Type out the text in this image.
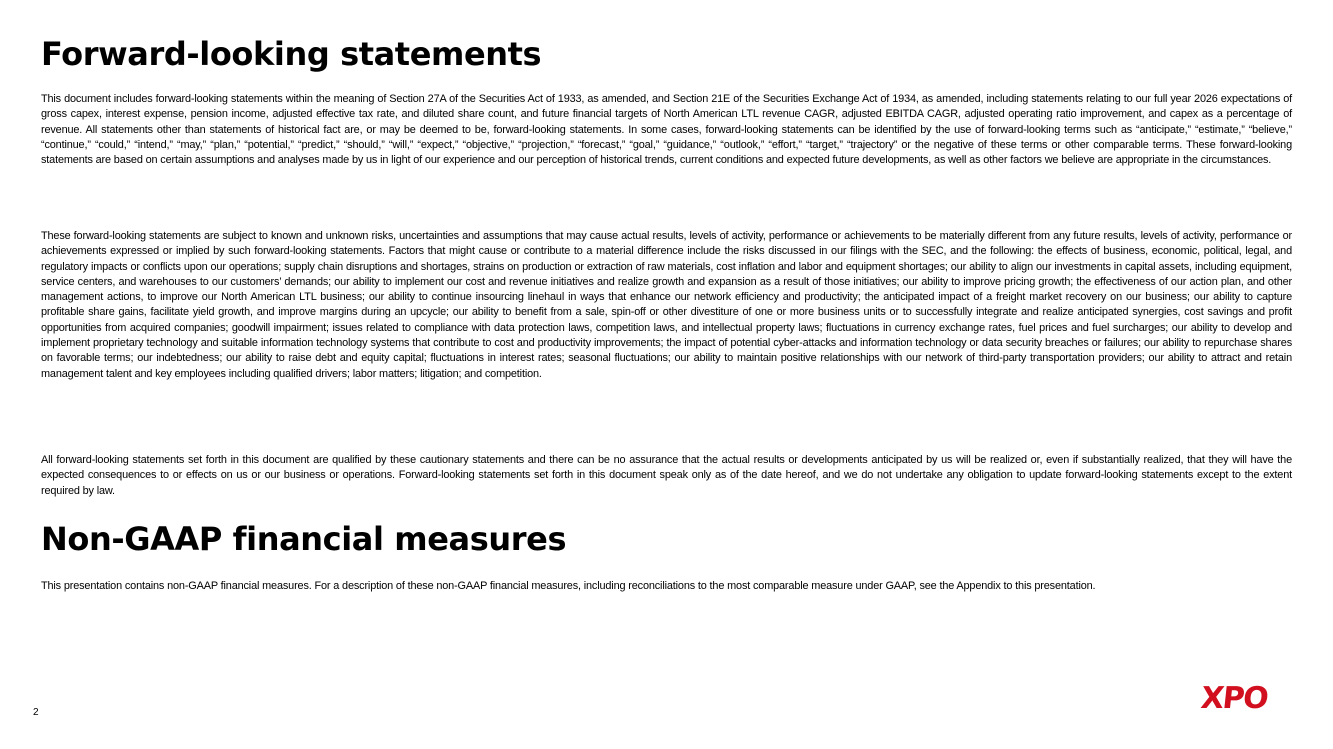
Forward-looking statements

This document includes forward-looking statements within the meaning of Section 27A of the Securities Act of 1933, as amended, and Section 21E of the Securities Exchange Act of 1934, as amended, including statements relating to our full year 2026 expectations of gross capex, interest expense, pension income, adjusted effective tax rate, and diluted share count, and future financial targets of North American LTL revenue CAGR, adjusted EBITDA CAGR, adjusted operating ratio improvement, and capex as a percentage of revenue. All statements other than statements of historical fact are, or may be deemed to be, forward-looking statements. In some cases, forward-looking statements can be identified by the use of forward-looking terms such as “anticipate,” “estimate,” “believe,” “continue,” “could,” “intend,” “may,” “plan,” “potential,” “predict,” “should,” “will,” “expect,” “objective,” “projection,” “forecast,” “goal,” “guidance,” “outlook,” “effort,” “target,” “trajectory” or the negative of these terms or other comparable terms. These forward-looking statements are based on certain assumptions and analyses made by us in light of our experience and our perception of historical trends, current conditions and expected future developments, as well as other factors we believe are appropriate in the circumstances.

These forward-looking statements are subject to known and unknown risks, uncertainties and assumptions that may cause actual results, levels of activity, performance or achievements to be materially different from any future results, levels of activity, performance or achievements expressed or implied by such forward-looking statements. Factors that might cause or contribute to a material difference include the risks discussed in our filings with the SEC, and the following: the effects of business, economic, political, legal, and regulatory impacts or conflicts upon our operations; supply chain disruptions and shortages, strains on production or extraction of raw materials, cost inflation and labor and equipment shortages; our ability to align our investments in capital assets, including equipment, service centers, and warehouses to our customers’ demands; our ability to implement our cost and revenue initiatives and realize growth and expansion as a result of those initiatives; our ability to improve pricing growth; the effectiveness of our action plan, and other management actions, to improve our North American LTL business; our ability to continue insourcing linehaul in ways that enhance our network efficiency and productivity; the anticipated impact of a freight market recovery on our business; our ability to capture profitable share gains, facilitate yield growth, and improve margins during an upcycle; our ability to benefit from a sale, spin-off or other divestiture of one or more business units or to successfully integrate and realize anticipated synergies, cost savings and profit opportunities from acquired companies; goodwill impairment; issues related to compliance with data protection laws, competition laws, and intellectual property laws; fluctuations in currency exchange rates, fuel prices and fuel surcharges; our ability to develop and implement proprietary technology and suitable information technology systems that contribute to cost and productivity improvements; the impact of potential cyber-attacks and information technology or data security breaches or failures; our ability to repurchase shares on favorable terms; our indebtedness; our ability to raise debt and equity capital; fluctuations in interest rates; seasonal fluctuations; our ability to maintain positive relationships with our network of third-party transportation providers; our ability to attract and retain management talent and key employees including qualified drivers; labor matters; litigation; and competition.

All forward-looking statements set forth in this document are qualified by these cautionary statements and there can be no assurance that the actual results or developments anticipated by us will be realized or, even if substantially realized, that they will have the expected consequences to or effects on us or our business or operations. Forward-looking statements set forth in this document speak only as of the date hereof, and we do not undertake any obligation to update forward-looking statements except to the extent required by law.

Non-GAAP financial measures

This presentation contains non-GAAP financial measures. For a description of these non-GAAP financial measures, including reconciliations to the most comparable measure under GAAP, see the Appendix to this presentation.

2	XPO
